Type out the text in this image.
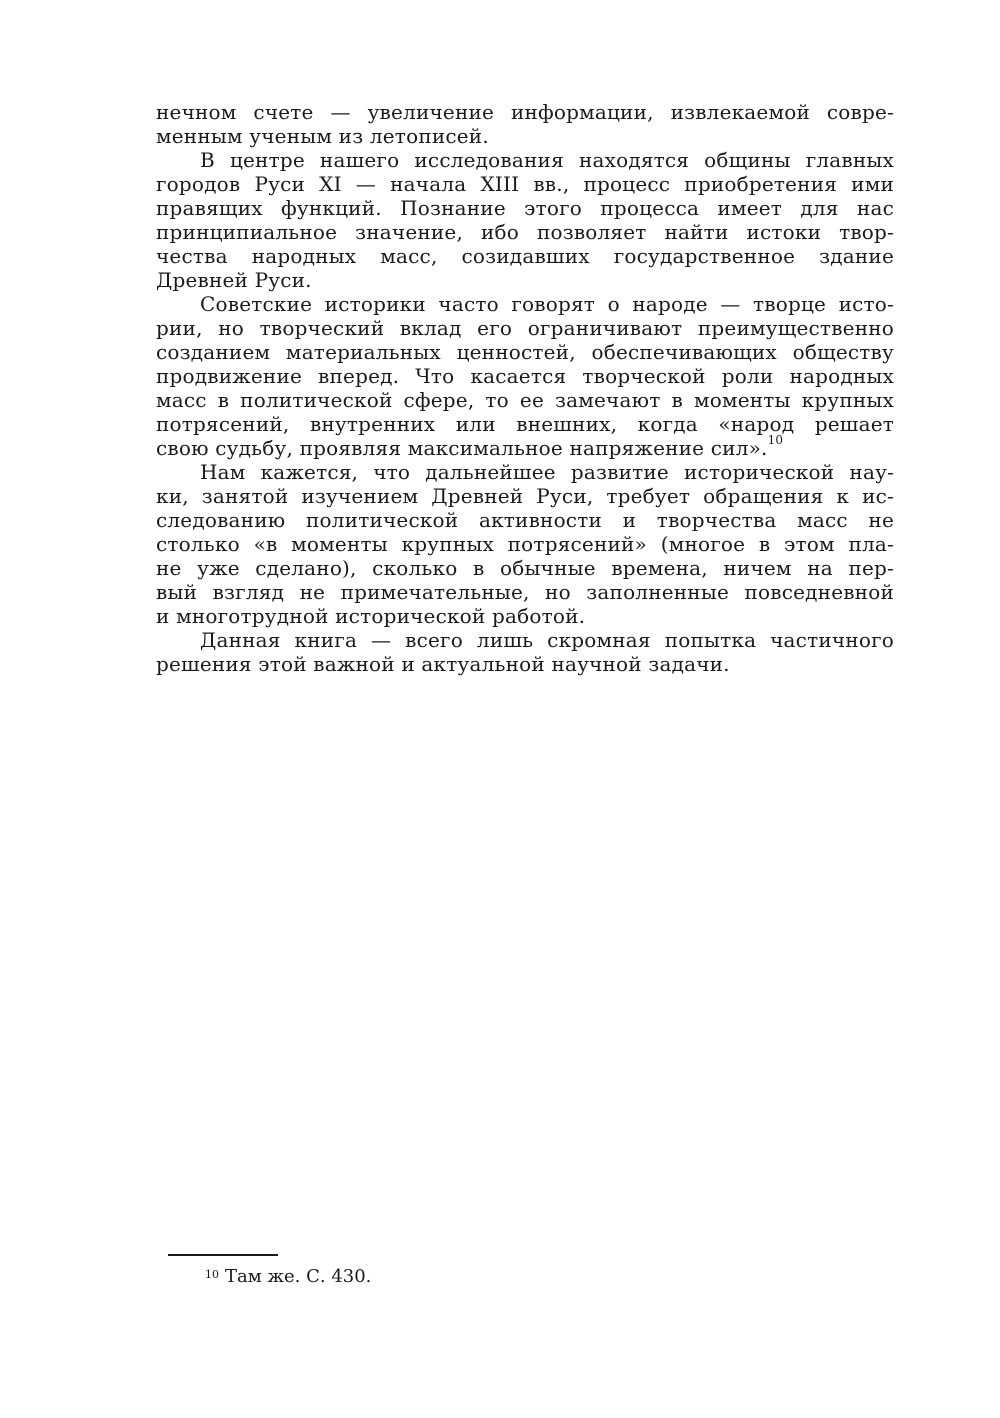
нечном счете — увеличение информации, извлекаемой совре-
менным ученым из летописей.
В центре нашего исследования находятся общины главных
городов Руси XI — начала XIII вв., процесс приобретения ими
правящих функций. Познание этого процесса имеет для нас
принципиальное значение, ибо позволяет найти истоки твор-
чества народных масс, созидавших государственное здание
Древней Руси.
Советские историки часто говорят о народе — творце исто-
рии, но творческий вклад его ограничивают преимущественно
созданием материальных ценностей, обеспечивающих обществу
продвижение вперед. Что касается творческой роли народных
масс в политической сфере, то ее замечают в моменты крупных
потрясений, внутренних или внешних, когда «народ решает
свою судьбу, проявляя максимальное напряжение сил».$^{10}$
Нам кажется, что дальнейшее развитие исторической нау-
ки, занятой изучением Древней Руси, требует обращения к ис-
следованию политической активности и творчества масс не
столько «в моменты крупных потрясений» (многое в этом пла-
не уже сделано), сколько в обычные времена, ничем на пер-
вый взгляд не примечательные, но заполненные повседневной
и многотрудной исторической работой.
Данная книга — всего лишь скромная попытка частичного
решения этой важной и актуальной научной задачи.
$^{10}$ Там же. С. 430.
